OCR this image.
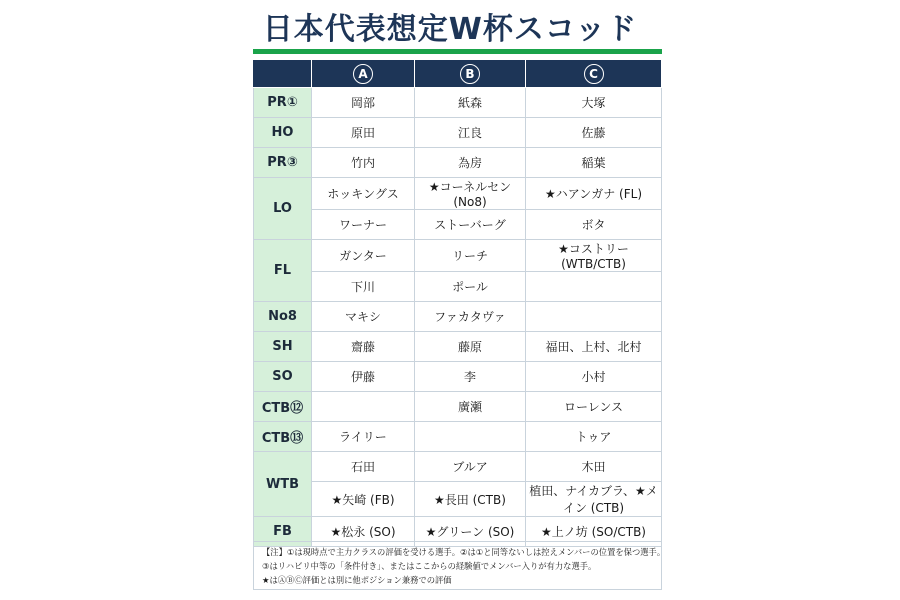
日本代表想定W杯スコッド
	A	B	C
PR①	岡部	紙森	大塚
HO	原田	江良	佐藤
PR③	竹内	為房	稲葉
LO	ホッキングス	★コーネルセン (No8)	★ハアンガナ (FL)
	ワーナー	ストーバーグ	ボタ
FL	ガンター	リーチ	★コストリー (WTB/CTB)
	下川	ポール	
No8	マキシ	ファカタヴァ	
SH	齋藤	藤原	福田、上村、北村
SO	伊藤	李	小村
CTB⑫		廣瀬	ローレンス
CTB⑬	ライリー		トゥア
WTB	石田	ブルア	木田
	★矢崎 (FB)	★長田 (CTB)	植田、ナイカブラ、★メイン (CTB)
FB	★松永 (SO)	★グリーン (SO)	★上ノ坊 (SO/CTB)
【注】①は現時点で主力クラスの評価を受ける選手。②は①と同等ないしは控えメンバーの位置を保つ選手。
③はリハビリ中等の「条件付き」、またはここからの経験値でメンバー入りが有力な選手。
★はⒶⒷⒸ評価とは別に他ポジション兼務での評価
